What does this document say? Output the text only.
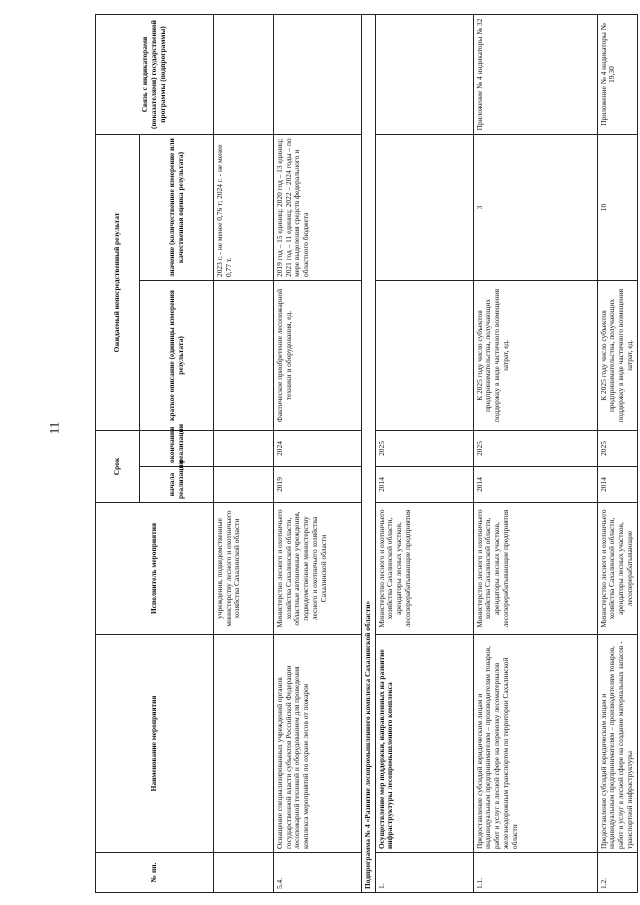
11
№ пп.	Наименование мероприятия	Исполнитель мероприятия	Срок		Ожидаемый непосредственный результат		Связь с индикаторами (показателями) государственной программы (подпрограммы)
			начала реализации	окончания реализации	краткое описание (единицы измерения результата)	значение (количественное измерение или качественная оценка результата)	
		учреждения, подведомственные министерству лесного и охотничьего хозяйства Сахалинской области				2023 г. - не менее 0,76 т; 2024 г. - не менее 0,77 т.	
5.4.	Оснащение специализированных учреждений органов государственной власти субъектов Российской Федерации лесопожарной техникой и оборудованием для проведения комплекса мероприятий по охране лесов от пожаров	Министерство лесного и охотничьего хозяйства Сахалинской области, областные автономные учреждения, подведомственные министерству лесного и охотничьего хозяйства Сахалинской области	2019	2024	Фактическое приобретение лесопожарной техники и оборудования, ед.	2019 год – 15 единиц; 2020 год – 13 единиц; 2021 год – 11 единиц; 2022 – 2024 годы – по мере выделения средств федерального и областного бюджета	
Подпрограмма № 4 «Развитие лесопромышленного комплекса Сахалинской области»							
1.	Осуществление мер поддержки, направленных на развитие инфраструктуры лесопромышленного комплекса	Министерство лесного и охотничьего хозяйства Сахалинской области, арендаторы лесных участков, лесоперерабатывающие предприятия	2014	2025			
1.1.	Предоставление субсидий юридическим лицам и индивидуальным предпринимателям – производителям товаров, работ и услуг в лесной сфере на перевозку лесоматериалов железнодорожным транспортом по территории Сахалинской области	Министерство лесного и охотничьего хозяйства Сахалинской области, арендаторы лесных участков, лесоперерабатывающие предприятия	2014	2025	К 2025 году число субъектов предпринимательства, получающих поддержку в виде частичного возмещения затрат, ед.	3	Приложение № 4 индикаторы № 32
1.2.	Предоставление субсидий юридическим лицам и индивидуальным предпринимателям – производителям товаров, работ и услуг в лесной сфере на создание материальных запасов - транспортной инфраструктуры	Министерство лесного и охотничьего хозяйства Сахалинской области, арендаторы лесных участков, лесоперерабатывающие	2014	2025	К 2025 году число субъектов предпринимательства, получающих поддержку в виде частичного возмещения затрат, ед.	10	Приложение № 4 индикаторы № 19,30
